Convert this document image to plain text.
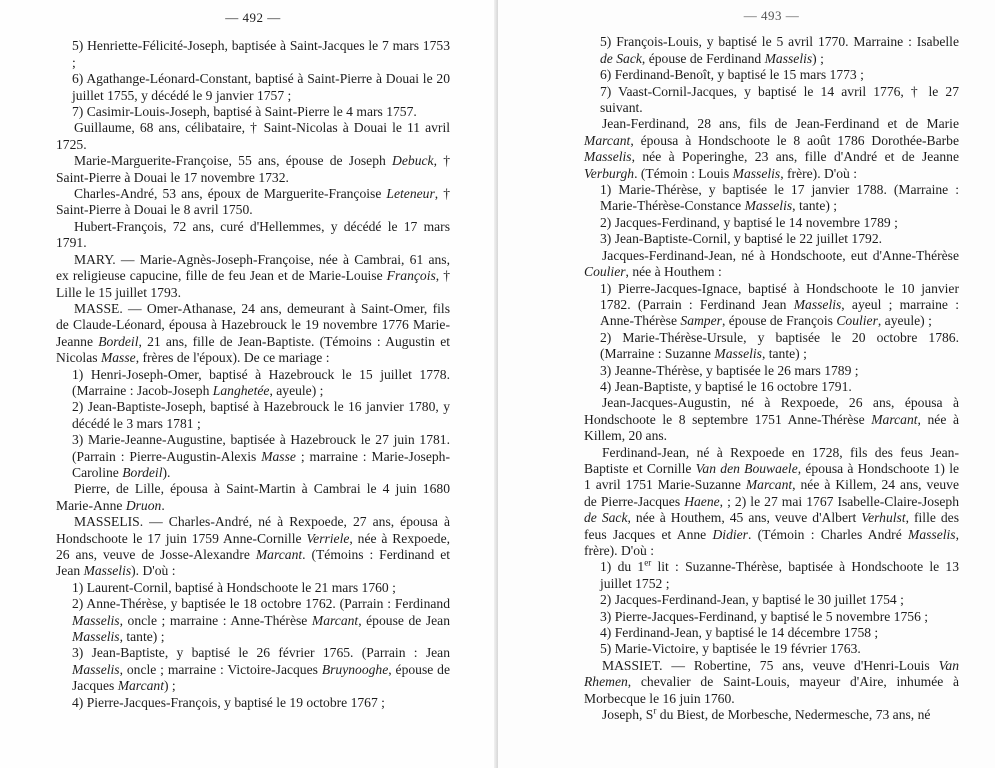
— 492 —

5) Henriette-Félicité-Joseph, baptisée à Saint-Jacques le 7 mars 1753 ;

6) Agathange-Léonard-Constant, baptisé à Saint-Pierre à Douai le 20 juillet 1755, y décédé le 9 janvier 1757 ;

7) Casimir-Louis-Joseph, baptisé à Saint-Pierre le 4 mars 1757.

Guillaume, 68 ans, célibataire, † Saint-Nicolas à Douai le 11 avril 1725.

Marie-Marguerite-Françoise, 55 ans, épouse de Joseph Debuck, † Saint-Pierre à Douai le 17 novembre 1732.

Charles-André, 53 ans, époux de Marguerite-Françoise Leteneur, † Saint-Pierre à Douai le 8 avril 1750.

Hubert-François, 72 ans, curé d'Hellemmes, y décédé le 17 mars 1791.

MARY. — Marie-Agnès-Joseph-Françoise, née à Cambrai, 61 ans, ex religieuse capucine, fille de feu Jean et de Marie-Louise François, † Lille le 15 juillet 1793.

MASSE. — Omer-Athanase, 24 ans, demeurant à Saint-Omer, fils de Claude-Léonard, épousa à Hazebrouck le 19 novembre 1776 Marie-Jeanne Bordeil, 21 ans, fille de Jean-Baptiste. (Témoins : Augustin et Nicolas Masse, frères de l'époux). De ce mariage :

1) Henri-Joseph-Omer, baptisé à Hazebrouck le 15 juillet 1778. (Marraine : Jacob-Joseph Langhetée, ayeule) ;

2) Jean-Baptiste-Joseph, baptisé à Hazebrouck le 16 janvier 1780, y décédé le 3 mars 1781 ;

3) Marie-Jeanne-Augustine, baptisée à Hazebrouck le 27 juin 1781. (Parrain : Pierre-Augustin-Alexis Masse ; marraine : Marie-Joseph-Caroline Bordeil).

Pierre, de Lille, épousa à Saint-Martin à Cambrai le 4 juin 1680 Marie-Anne Druon.

MASSELIS. — Charles-André, né à Rexpoede, 27 ans, épousa à Hondschoote le 17 juin 1759 Anne-Cornille Verriele, née à Rexpoede, 26 ans, veuve de Josse-Alexandre Marcant. (Témoins : Ferdinand et Jean Masselis). D'où :

1) Laurent-Cornil, baptisé à Hondschoote le 21 mars 1760 ;

2) Anne-Thérèse, y baptisée le 18 octobre 1762. (Parrain : Ferdinand Masselis, oncle ; marraine : Anne-Thérèse Marcant, épouse de Jean Masselis, tante) ;

3) Jean-Baptiste, y baptisé le 26 février 1765. (Parrain : Jean Masselis, oncle ; marraine : Victoire-Jacques Bruynooghe, épouse de Jacques Marcant) ;

4) Pierre-Jacques-François, y baptisé le 19 octobre 1767 ;

— 493 —

5) François-Louis, y baptisé le 5 avril 1770. Marraine : Isabelle de Sack, épouse de Ferdinand Masselis) ;

6) Ferdinand-Benoît, y baptisé le 15 mars 1773 ;

7) Vaast-Cornil-Jacques, y baptisé le 14 avril 1776, † le 27 suivant.

Jean-Ferdinand, 28 ans, fils de Jean-Ferdinand et de Marie Marcant, épousa à Hondschoote le 8 août 1786 Dorothée-Barbe Masselis, née à Poperinghe, 23 ans, fille d'André et de Jeanne Verburgh. (Témoin : Louis Masselis, frère). D'où :

1) Marie-Thérèse, y baptisée le 17 janvier 1788. (Marraine : Marie-Thérèse-Constance Masselis, tante) ;

2) Jacques-Ferdinand, y baptisé le 14 novembre 1789 ;

3) Jean-Baptiste-Cornil, y baptisé le 22 juillet 1792.

Jacques-Ferdinand-Jean, né à Hondschoote, eut d'Anne-Thérèse Coulier, née à Houthem :

1) Pierre-Jacques-Ignace, baptisé à Hondschoote le 10 janvier 1782. (Parrain : Ferdinand Jean Masselis, ayeul ; marraine : Anne-Thérèse Samper, épouse de François Coulier, ayeule) ;

2) Marie-Thérèse-Ursule, y baptisée le 20 octobre 1786. (Marraine : Suzanne Masselis, tante) ;

3) Jeanne-Thérèse, y baptisée le 26 mars 1789 ;

4) Jean-Baptiste, y baptisé le 16 octobre 1791.

Jean-Jacques-Augustin, né à Rexpoede, 26 ans, épousa à Hondschoote le 8 septembre 1751 Anne-Thérèse Marcant, née à Killem, 20 ans.

Ferdinand-Jean, né à Rexpoede en 1728, fils des feus Jean-Baptiste et Cornille Van den Bouwaele, épousa à Hondschoote 1) le 1 avril 1751 Marie-Suzanne Marcant, née à Killem, 24 ans, veuve de Pierre-Jacques Haene, ; 2) le 27 mai 1767 Isabelle-Claire-Joseph de Sack, née à Houthem, 45 ans, veuve d'Albert Verhulst, fille des feus Jacques et Anne Didier. (Témoin : Charles André Masselis, frère). D'où :

1) du 1er lit : Suzanne-Thérèse, baptisée à Hondschoote le 13 juillet 1752 ;

2) Jacques-Ferdinand-Jean, y baptisé le 30 juillet 1754 ;

3) Pierre-Jacques-Ferdinand, y baptisé le 5 novembre 1756 ;

4) Ferdinand-Jean, y baptisé le 14 décembre 1758 ;

5) Marie-Victoire, y baptisée le 19 février 1763.

MASSIET. — Robertine, 75 ans, veuve d'Henri-Louis Van Rhemen, chevalier de Saint-Louis, mayeur d'Aire, inhumée à Morbecque le 16 juin 1760.

Joseph, $S^r$ du Biest, de Morbesche, Nedermesche, 73 ans, né
